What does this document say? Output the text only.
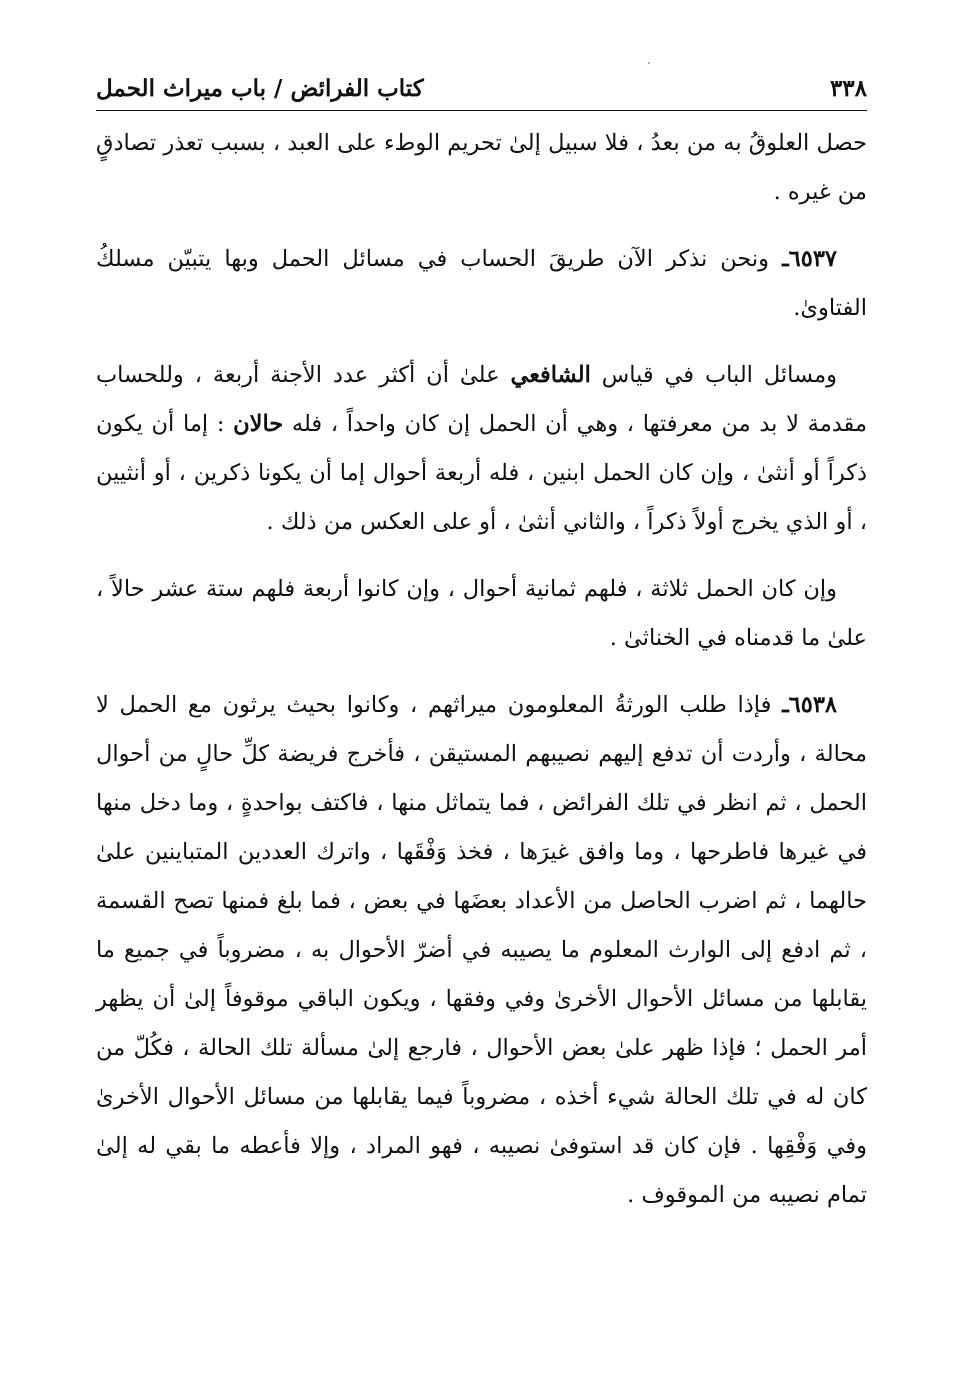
٣٣٨
كتاب الفرائض / باب ميراث الحمل

حصل العلوقُ به من بعدُ ، فلا سبيل إلىٰ تحريم الوطء على العبد ، بسبب تعذر تصادقٍ من غيره .

٦٥٣٧ـ ونحن نذكر الآن طريقَ الحساب في مسائل الحمل وبها يتبيّن مسلكُ الفتاوىٰ.

ومسائل الباب في قياس الشافعي علىٰ أن أكثر عدد الأجنة أربعة ، وللحساب مقدمة لا بد من معرفتها ، وهي أن الحمل إن كان واحداً ، فله حالان : إما أن يكون ذكراً أو أنثىٰ ، وإن كان الحمل ابنين ، فله أربعة أحوال إما أن يكونا ذكرين ، أو أنثيين ، أو الذي يخرج أولاً ذكراً ، والثاني أنثىٰ ، أو على العكس من ذلك .

وإن كان الحمل ثلاثة ، فلهم ثمانية أحوال ، وإن كانوا أربعة فلهم ستة عشر حالاً ، علىٰ ما قدمناه في الخناثىٰ .

٦٥٣٨ـ فإذا طلب الورثةُ المعلومون ميراثهم ، وكانوا بحيث يرثون مع الحمل لا محالة ، وأردت أن تدفع إليهم نصيبهم المستيقن ، فأخرج فريضة كلِّ حالٍ من أحوال الحمل ، ثم انظر في تلك الفرائض ، فما يتماثل منها ، فاكتف بواحدةٍ ، وما دخل منها في غيرها فاطرحها ، وما وافق غيرَها ، فخذ وَفْقَها ، واترك العددين المتباينين علىٰ حالهما ، ثم اضرب الحاصل من الأعداد بعضَها في بعض ، فما بلغ فمنها تصح القسمة ، ثم ادفع إلى الوارث المعلوم ما يصيبه في أضرّ الأحوال به ، مضروباً في جميع ما يقابلها من مسائل الأحوال الأخرىٰ وفي وفقها ، ويكون الباقي موقوفاً إلىٰ أن يظهر أمر الحمل ؛ فإذا ظهر علىٰ بعض الأحوال ، فارجع إلىٰ مسألة تلك الحالة ، فكُلّ من كان له في تلك الحالة شيء أخذه ، مضروباً فيما يقابلها من مسائل الأحوال الأخرىٰ وفي وَفْقِها . فإن كان قد استوفىٰ نصيبه ، فهو المراد ، وإلا فأعطه ما بقي له إلىٰ تمام نصيبه من الموقوف .
